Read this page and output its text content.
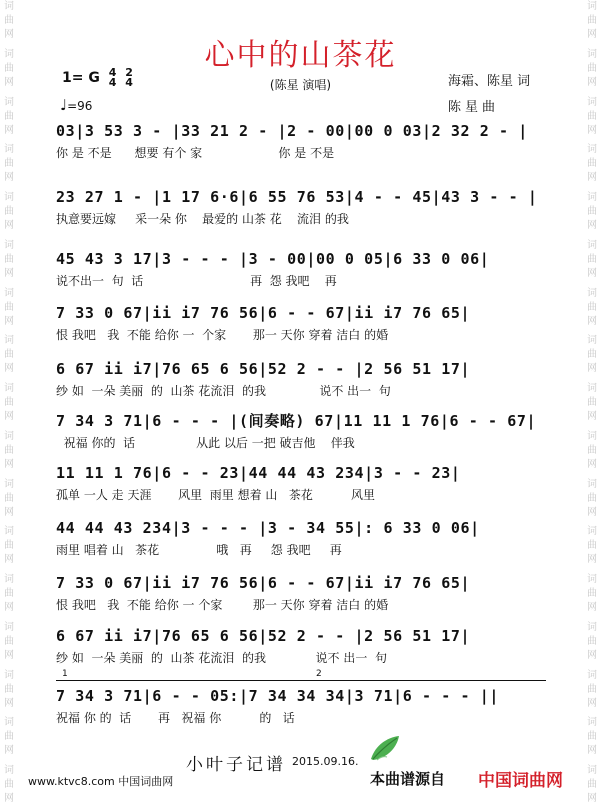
词
曲
网
词
曲
网
词
曲
网
词
曲
网
词
曲
网
词
曲
网
词
曲
网
词
曲
网
词
曲
网
词
曲
网
词
曲
网
词
曲
网
词
曲
网
词
曲
网
词
曲
网
词
曲
网
词
曲
网
词
曲
网
词
曲
网
词
曲
网
词
曲
网
词
曲
网
词
曲
网
词
曲
网
词
曲
网
词
曲
网
词
曲
网
词
曲
网
词
曲
网
词
曲
网
词
曲
网
词
曲
网
词
曲
网
词
曲
网
心中的山茶花
(陈星 演唱)
1= G 4
4

2
4
♩=96
海霜、陈星 词
陈星曲
03|3 53 3 - |33 21 2 - |2 - 00|00 0 03|2 32 2 - |
你 是 不是      想要 有个 家                    你 是 不是
23 27 1 - |1 17 6·6|6 55 76 53|4 - - 45|43 3 - - |
执意要远嫁     采一朵 你    最爱的 山茶 花    流泪 的我
45 43 3 17|3 - - - |3 - 00|00 0 05|6 33 0 06|
说不出一  句  话                            再  怨 我吧    再
7 33 0 67|ii i7 76 56|6 - - 67|ii i7 76 65|
恨 我吧   我  不能 给你 一  个家       那一 天你 穿着 洁白 的婚
6 67 ii i7|76 65 6 56|52 2 - - |2 56 51 17|
纱 如  一朵 美丽  的  山茶 花流泪  的我              说不 出一  句
7 34 3 71|6 - - - |(间奏略) 67|11 11 1 76|6 - - 67|
祝福 你的  话                从此 以后 一把 破吉他    伴我
11 11 1 76|6 - - 23|44 44 43 234|3 - - 23|
孤单 一人 走 天涯       风里  雨里 想着 山   茶花          风里
44 44 43 234|3 - - - |3 - 34 55|: 6 33 0 06|
雨里 唱着 山   茶花               哦   再     怨 我吧     再
7 33 0 67|ii i7 76 56|6 - - 67|ii i7 76 65|
恨 我吧   我  不能 给你 一 个家        那一 天你 穿着 洁白 的婚
6 67 ii i7|76 65 6 56|52 2 - - |2 56 51 17|
纱 如  一朵 美丽  的  山茶 花流泪  的我             说不 出一  句
7 34 3 71|6 - - 05:|7 34 34 34|3 71|6 - - - ||
祝福 你 的  话       再   祝福 你          的   话
1	2
小叶子记谱 2015.09.16.
www.ktvc8.com 中国词曲网	本曲谱源自 中国词曲网
